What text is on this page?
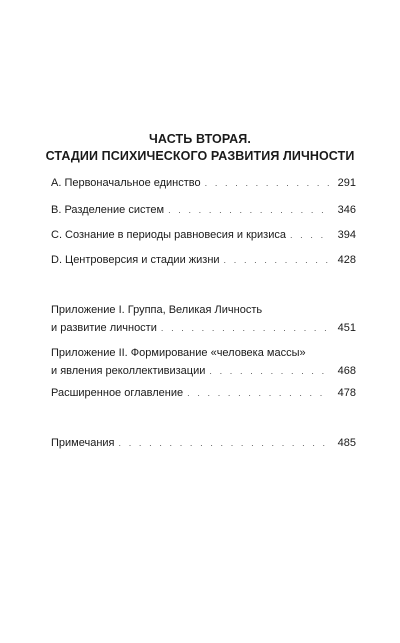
ЧАСТЬ ВТОРАЯ.
СТАДИИ ПСИХИЧЕСКОГО РАЗВИТИЯ ЛИЧНОСТИ
A. Первоначальное единство . . .	291
B. Разделение систем . . .	346
C. Сознание в периоды равновесия и кризиса . . .	394
D. Центроверсия и стадии жизни . . .	428
Приложение I. Группа, Великая Личность
и развитие личности . . .	451
Приложение II. Формирование «человека массы»
и явления реколлективизации . . .	468
Расширенное оглавление . . .	478
Примечания . . .	485
